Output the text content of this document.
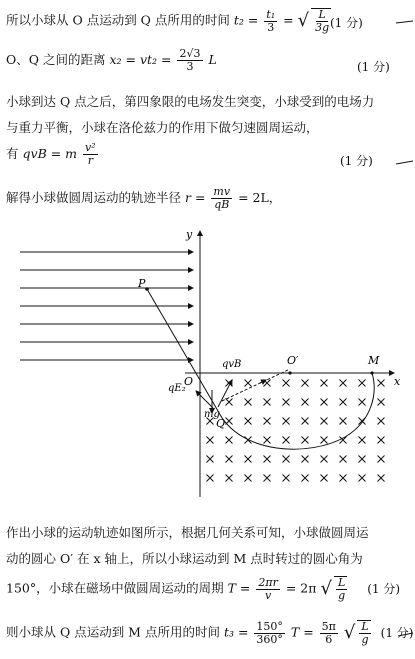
所以小球从 O 点运动到 Q 点所用的时间 $t_2 = \frac{\text{t₁}}{3}$ = √ $\frac{L}{3g}$
(1 分)
O、Q 之间的距离 $x_2 = vt_2 = \frac{2√3}{3}$ L	(1 分)
小球到达 Q 点之后，第四象限的电场发生突变，小球受到的电场力
与重力平衡，小球在洛伦兹力的作用下做匀速圆周运动，
有 qvB = m $\frac{\text{v²}}{r}$	(1 分)
解得小球做圆周运动的轨迹半径 $r = \frac{mv}{qB} = 2L$，
y
x
P
qvB
qE₂
mg
Q
O
O′	M
作出小球的运动轨迹如图所示，根据几何关系可知，小球做圆周运
动的圆心 O′ 在 x 轴上，所以小球运动到 M 点时转过的圆心角为
150°，小球在磁场中做圆周运动的周期 $T = \frac{2\pi r}{v} = 2\pi$ √ $\frac{L}{g} (1$ 分)
则小球从 Q 点运动到 M 点所用的时间 $t_3 = \frac{150^\circ}{360^\circ}$ $T = \frac{5\pi}{6}$
√ $\frac{L}{g} (1$ 分)
